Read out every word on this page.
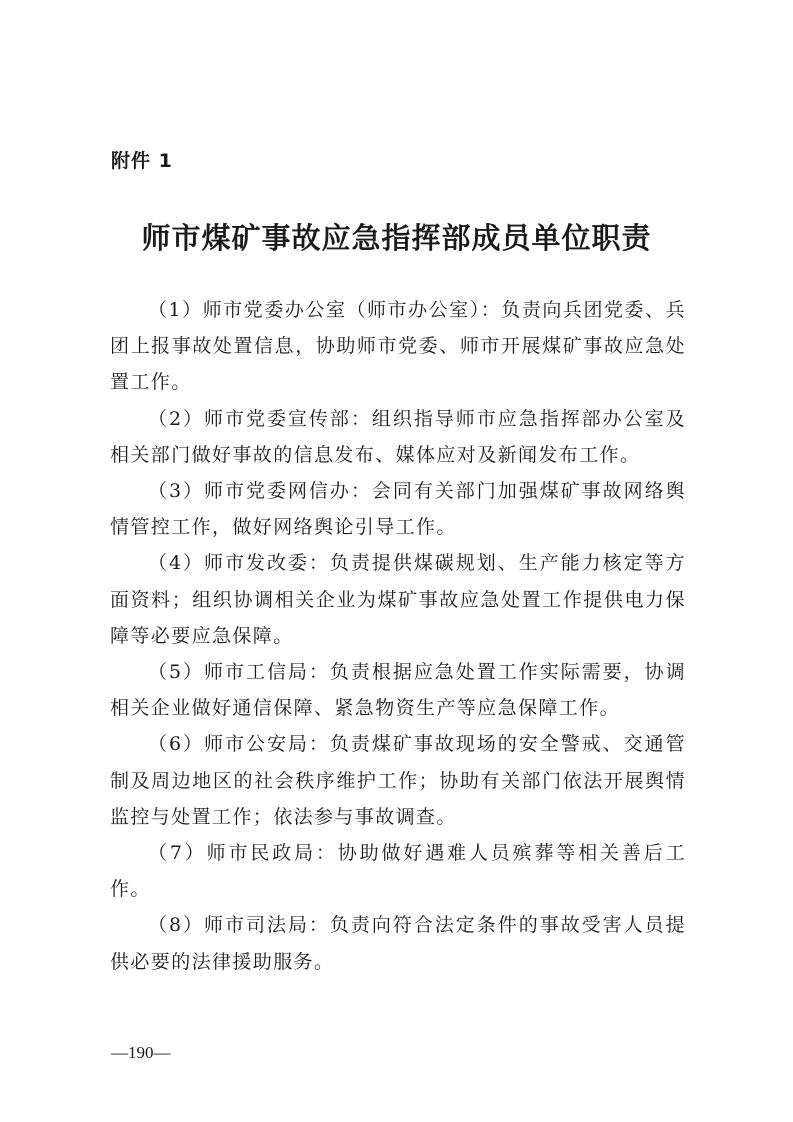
附件 1
师市煤矿事故应急指挥部成员单位职责

（1）师市党委办公室（师市办公室）：负责向兵团党委、兵团上报事故处置信息，协助师市党委、师市开展煤矿事故应急处置工作。

（2）师市党委宣传部：组织指导师市应急指挥部办公室及相关部门做好事故的信息发布、媒体应对及新闻发布工作。

（3）师市党委网信办：会同有关部门加强煤矿事故网络舆情管控工作，做好网络舆论引导工作。

（4）师市发改委：负责提供煤碳规划、生产能力核定等方面资料；组织协调相关企业为煤矿事故应急处置工作提供电力保障等必要应急保障。

（5）师市工信局：负责根据应急处置工作实际需要，协调相关企业做好通信保障、紧急物资生产等应急保障工作。

（6）师市公安局：负责煤矿事故现场的安全警戒、交通管制及周边地区的社会秩序维护工作；协助有关部门依法开展舆情监控与处置工作；依法参与事故调查。

（7）师市民政局：协助做好遇难人员殡葬等相关善后工作。

（8）师市司法局：负责向符合法定条件的事故受害人员提供必要的法律援助服务。

—190—
